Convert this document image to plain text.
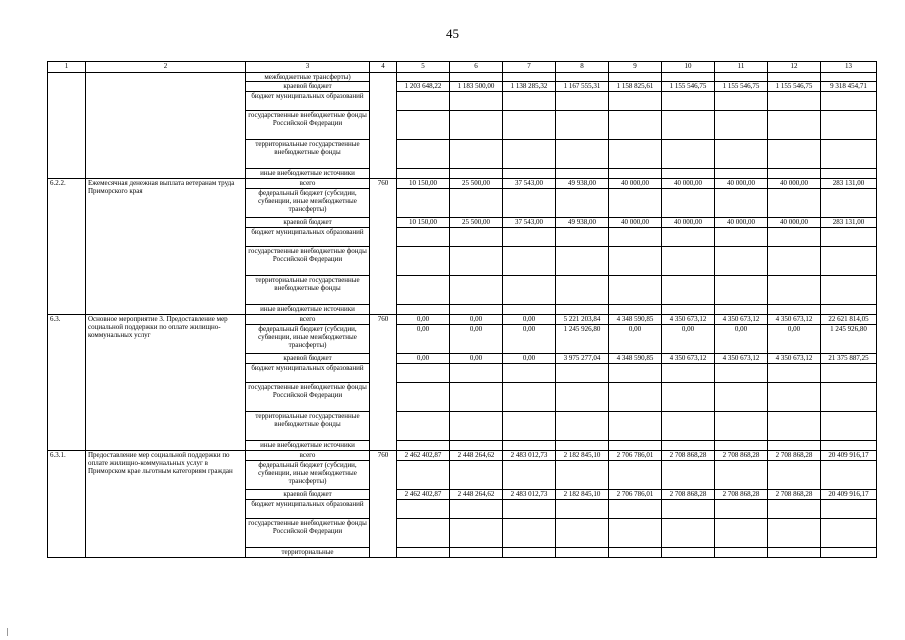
45
1	2	3	4	5	6	7	8	9	10	11	12	13
		межбюджетные трансферты)										
		краевой бюджет		1 203 648,22	1 183 500,00	1 138 285,32	1 167 555,31	1 158 825,61	1 155 546,75	1 155 546,75	1 155 546,75	9 318 454,71
		бюджет муниципальных образований										
		государственные внебюджетные фонды Российской Федерации										
		территориальные государственные внебюджетные фонды										
		иные внебюджетные источники										
6.2.2.	Ежемесячная денежная выплата ветеранам труда Приморского края	всего	760	10 150,00	25 500,00	37 543,00	49 938,00	40 000,00	40 000,00	40 000,00	40 000,00	283 131,00
		федеральный бюджет (субсидии, субвенции, иные межбюджетные трансферты)										
		краевой бюджет		10 150,00	25 500,00	37 543,00	49 938,00	40 000,00	40 000,00	40 000,00	40 000,00	283 131,00
		бюджет муниципальных образований										
		государственные внебюджетные фонды Российской Федерации										
		территориальные государственные внебюджетные фонды										
		иные внебюджетные источники										
6.3.	Основное мероприятие 3. Предоставление мер социальной поддержки по оплате жилищно-коммунальных услуг	всего	760	0,00	0,00	0,00	5 221 203,84	4 348 590,85	4 350 673,12	4 350 673,12	4 350 673,12	22 621 814,05
		федеральный бюджет (субсидии, субвенции, иные межбюджетные трансферты)		0,00	0,00	0,00	1 245 926,80	0,00	0,00	0,00	0,00	1 245 926,80
		краевой бюджет		0,00	0,00	0,00	3 975 277,04	4 348 590,85	4 350 673,12	4 350 673,12	4 350 673,12	21 375 887,25
		бюджет муниципальных образований										
		государственные внебюджетные фонды Российской Федерации										
		территориальные государственные внебюджетные фонды										
		иные внебюджетные источники										
6.3.1.	Предоставление мер социальной поддержки по оплате жилищно-коммунальных услуг в Приморском крае льготным категориям граждан	всего	760	2 462 402,87	2 448 264,62	2 483 012,73	2 182 845,10	2 706 786,01	2 708 868,28	2 708 868,28	2 708 868,28	20 409 916,17
		федеральный бюджет (субсидии, субвенции, иные межбюджетные трансферты)										
		краевой бюджет		2 462 402,87	2 448 264,62	2 483 012,73	2 182 845,10	2 706 786,01	2 708 868,28	2 708 868,28	2 708 868,28	20 409 916,17
		бюджет муниципальных образований										
		государственные внебюджетные фонды Российской Федерации										
		территориальные										
